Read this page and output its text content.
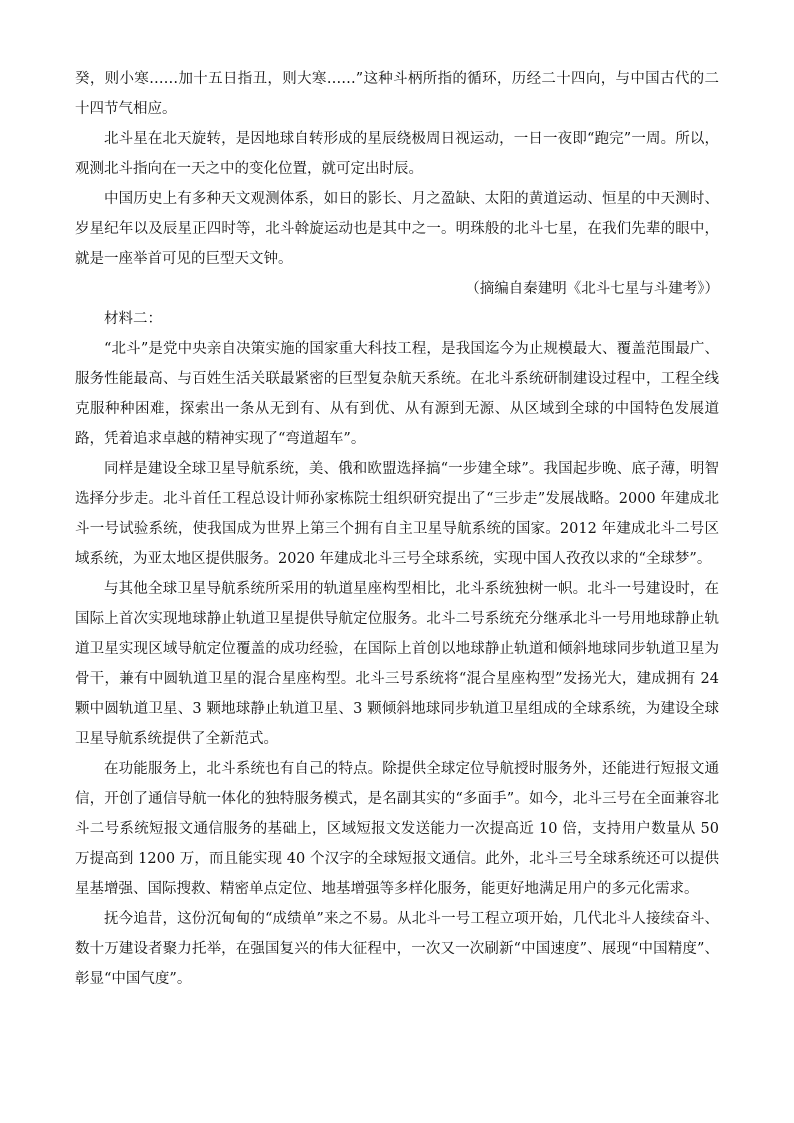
癸，则小寒……加十五日指丑，则大寒……”这种斗柄所指的循环，历经二十四向，与中国古代的二十四节气相应。

北斗星在北天旋转，是因地球自转形成的星辰绕极周日视运动，一日一夜即“跑完”一周。所以，观测北斗指向在一天之中的变化位置，就可定出时辰。

中国历史上有多种天文观测体系，如日的影长、月之盈缺、太阳的黄道运动、恒星的中天测时、岁星纪年以及辰星正四时等，北斗斡旋运动也是其中之一。明珠般的北斗七星，在我们先辈的眼中，就是一座举首可见的巨型天文钟。

（摘编自秦建明《北斗七星与斗建考》）

材料二：

“北斗”是党中央亲自决策实施的国家重大科技工程，是我国迄今为止规模最大、覆盖范围最广、服务性能最高、与百姓生活关联最紧密的巨型复杂航天系统。在北斗系统研制建设过程中，工程全线克服种种困难，探索出一条从无到有、从有到优、从有源到无源、从区域到全球的中国特色发展道路，凭着追求卓越的精神实现了“弯道超车”。

同样是建设全球卫星导航系统，美、俄和欧盟选择搞“一步建全球”。我国起步晚、底子薄，明智选择分步走。北斗首任工程总设计师孙家栋院士组织研究提出了“三步走”发展战略。2000 年建成北斗一号试验系统，使我国成为世界上第三个拥有自主卫星导航系统的国家。2012 年建成北斗二号区域系统，为亚太地区提供服务。2020 年建成北斗三号全球系统，实现中国人孜孜以求的“全球梦”。

与其他全球卫星导航系统所采用的轨道星座构型相比，北斗系统独树一帜。北斗一号建设时，在国际上首次实现地球静止轨道卫星提供导航定位服务。北斗二号系统充分继承北斗一号用地球静止轨道卫星实现区域导航定位覆盖的成功经验，在国际上首创以地球静止轨道和倾斜地球同步轨道卫星为骨干，兼有中圆轨道卫星的混合星座构型。北斗三号系统将“混合星座构型”发扬光大，建成拥有 24 颗中圆轨道卫星、3 颗地球静止轨道卫星、3 颗倾斜地球同步轨道卫星组成的全球系统，为建设全球卫星导航系统提供了全新范式。

在功能服务上，北斗系统也有自己的特点。除提供全球定位导航授时服务外，还能进行短报文通信，开创了通信导航一体化的独特服务模式，是名副其实的“多面手”。如今，北斗三号在全面兼容北斗二号系统短报文通信服务的基础上，区域短报文发送能力一次提高近 10 倍，支持用户数量从 50 万提高到 1200 万，而且能实现 40 个汉字的全球短报文通信。此外，北斗三号全球系统还可以提供星基增强、国际搜救、精密单点定位、地基增强等多样化服务，能更好地满足用户的多元化需求。

抚今追昔，这份沉甸甸的“成绩单”来之不易。从北斗一号工程立项开始，几代北斗人接续奋斗、数十万建设者聚力托举，在强国复兴的伟大征程中，一次又一次刷新“中国速度”、展现“中国精度”、彰显“中国气度”。
